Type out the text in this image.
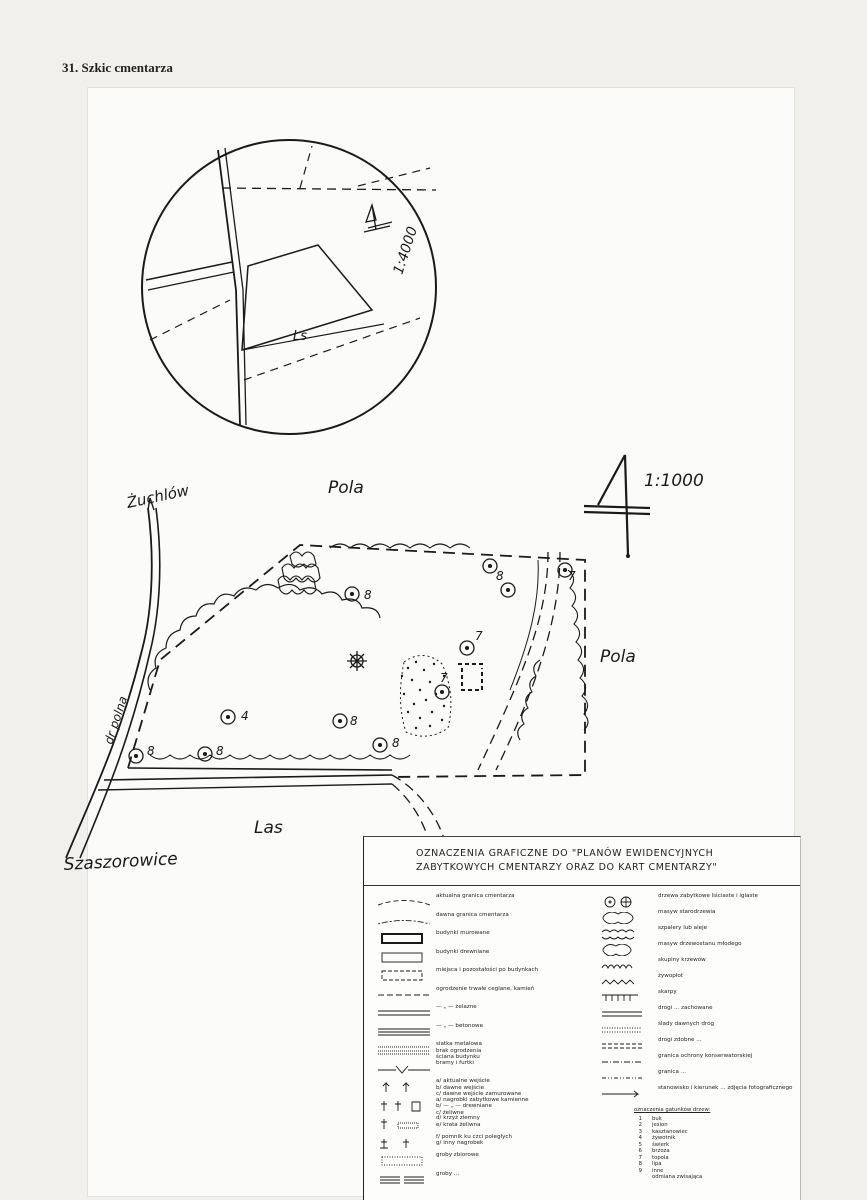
31. Szkic cmentarza
Ls
1:4000
Pola
Pola
Las
Żuchlów
Szaszorowice
dr polna
1:1000
8
8
4	8
8
8
8
7
7
7
OZNACZENIA GRAFICZNE DO "PLANÓW EWIDENCYJNYCH ZABYTKOWYCH CMENTARZY ORAZ DO KART CMENTARZY"
aktualna granica cmentarza
dawna granica cmentarza
budynki murowane
budynki drewniane
miejsca i pozostałości po budynkach
ogrodzenie trwałe ceglane, kamień
— „ — żelazne
— „ — betonowe
siatka metalowa
brak ogrodzenia
ściana budynku
bramy i furtki
a/ aktualne wejście
b/ dawne wejście
c/ dawne wejście zamurowane
a/ nagrobki zabytkowe kamienne
b/ — „ — drewniane
c/ żeliwne
d/ krzyż ziemny
e/ krata żeliwna
f/ pomnik ku czci poległych
g/ inny nagrobek
groby zbiorowe
groby ...
drzewa zabytkowe liściaste i iglaste
masyw starodrzewia
szpalery lub aleje
masyw drzewostanu młodego
skupiny krzewów
żywopłot
skarpy
drogi ... zachowane
ślady dawnych dróg
drogi zdobne ...
granica ochrony konserwatorskiej
granica ...
stanowisko i kierunek ... zdjęcia fotograficznego
oznaczenia gatunków drzew:
1 buk
2 jesion
3 kasztanowiec
4 żywotnik
5 świerk
6 brzoza
7 topola
8 lipa
9 inne
odmiana zwisająca
